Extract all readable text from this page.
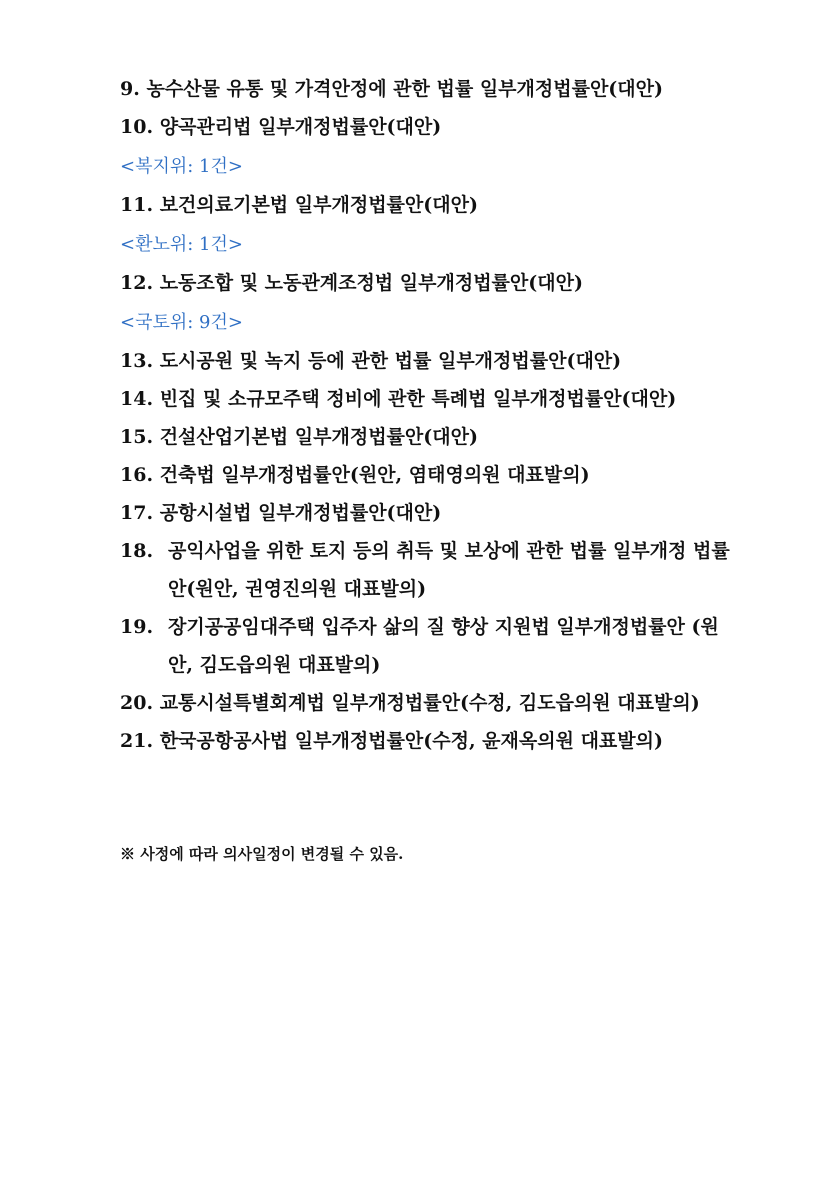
9.
농수산물 유통 및 가격안정에 관한 법률 일부개정법률안(대안)
10.
양곡관리법 일부개정법률안(대안)
<복지위: 1건>
11.
보건의료기본법 일부개정법률안(대안)
<환노위: 1건>
12.
노동조합 및 노동관계조정법 일부개정법률안(대안)
<국토위: 9건>
13.
도시공원 및 녹지 등에 관한 법률 일부개정법률안(대안)
14.
빈집 및 소규모주택 정비에 관한 특례법 일부개정법률안(대안)
15.
건설산업기본법 일부개정법률안(대안)
16.
건축법 일부개정법률안(원안, 염태영의원 대표발의)
17.
공항시설법 일부개정법률안(대안)
18. 공익사업을 위한 토지 등의 취득 및 보상에 관한 법률 일부개정 법률안(원안, 권영진의원 대표발의)
19. 장기공공임대주택 입주자 삶의 질 향상 지원법 일부개정법률안 (원안, 김도읍의원 대표발의)
20.
교통시설특별회계법 일부개정법률안(수정, 김도읍의원 대표발의)
21.
한국공항공사법 일부개정법률안(수정, 윤재옥의원 대표발의)
※ 사정에 따라 의사일정이 변경될 수 있음.
